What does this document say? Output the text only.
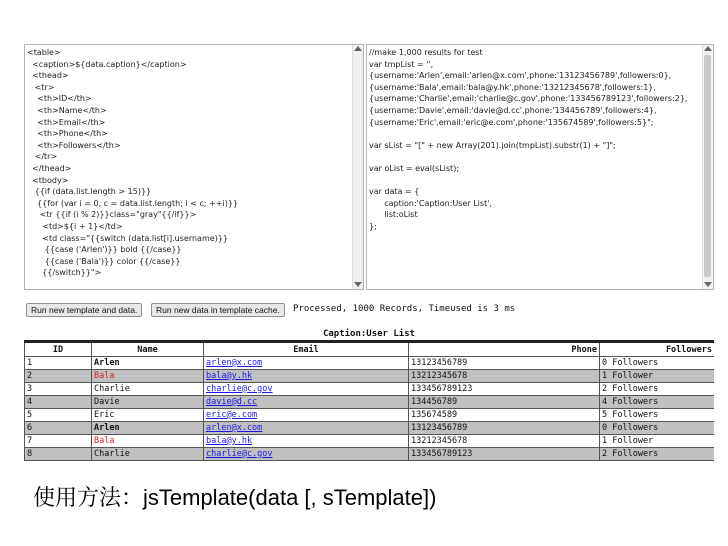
<table>
<caption>${data.caption}</caption>
<thead>
<tr>
<th>ID</th>
<th>Name</th>
<th>Email</th>
<th>Phone</th>
<th>Followers</th>
</tr>
</thead>
<tbody>
{{if (data.list.length > 15)}}
{{for (var i = 0, c = data.list.length; i < c; ++i)}}
<tr {{if (i % 2)}}class="gray"{{/if}}>
<td>${i + 1}</td>
<td class="{{switch (data.list[i].username)}}
{{case ('Arlen')}} bold {{/case}}
{{case ('Bala')}} color {{/case}}
{{/switch}}">
//make 1,000 results for test
var tmpList = '',
{username:'Arlen',email:'arlen@x.com',phone:'13123456789',followers:0},
{username:'Bala',email:'bala@y.hk',phone:'13212345678',followers:1},
{username:'Charlie',email:'charlie@c.gov',phone:'133456789123',followers:2},
{username:'Davie',email:'davie@d.cc',phone:'134456789',followers:4},
{username:'Eric',email:'eric@e.com',phone:'135674589',followers:5}";

var sList = "[" + new Array(201).join(tmpList).substr(1) + "]";

var oList = eval(sList);

var data = {
caption:'Caption:User List',
list:oList
};
Run new template and data.	Run new data in template cache.	Processed, 1000 Records, Timeused is 3 ms
Caption:User List
ID	Name	Email	Phone	Followers
1	Arlen	arlen@x.com	13123456789	0 Followers
2	Bala	bala@y.hk	13212345678	1 Follower
3	Charlie	charlie@c.gov	133456789123	2 Followers
4	Davie	davie@d.cc	134456789	4 Followers
5	Eric	eric@e.com	135674589	5 Followers
6	Arlen	arlen@x.com	13123456789	0 Followers
7	Bala	bala@y.hk	13212345678	1 Follower
8	Charlie	charlie@c.gov	133456789123	2 Followers
使用方法：jsTemplate(data [, sTemplate])
